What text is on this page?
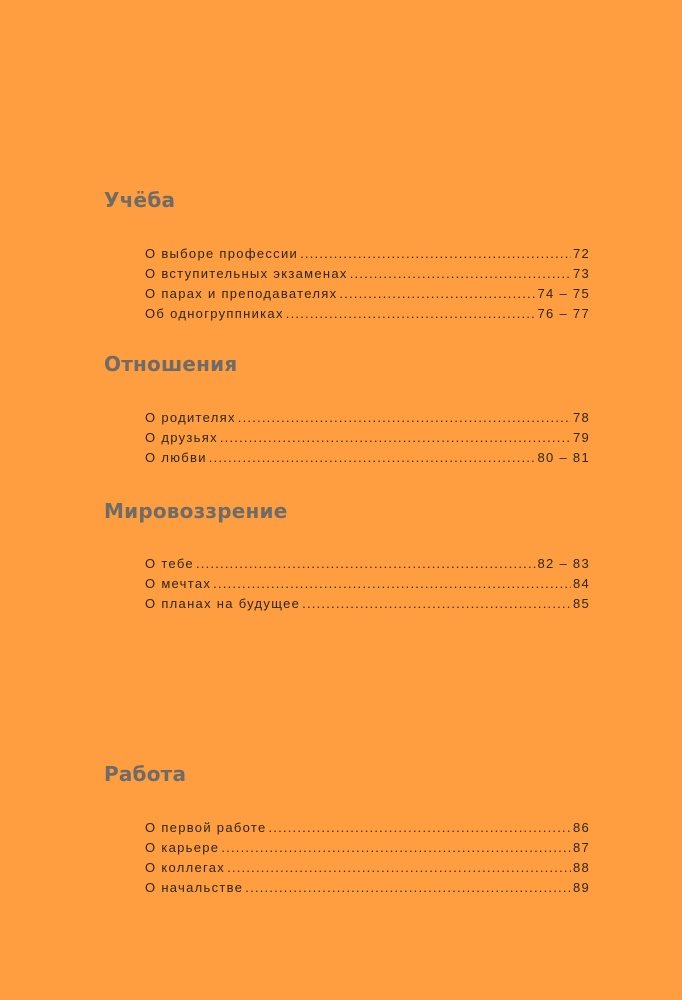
Учёба
О выборе профессии .....	72
О вступительных экзаменах .....	73
О парах и преподавателях .....	74 – 75
Об одногруппниках .....	76 – 77
Отношения
О родителях .....	78
О друзьях .....	79
О любви .....	80 – 81
Мировоззрение
О тебе .....	82 – 83
О мечтах .....	84
О планах на будущее .....	85
Работа
О первой работе .....	86
О карьере .....	87
О коллегах .....	88
О начальстве .....	89
